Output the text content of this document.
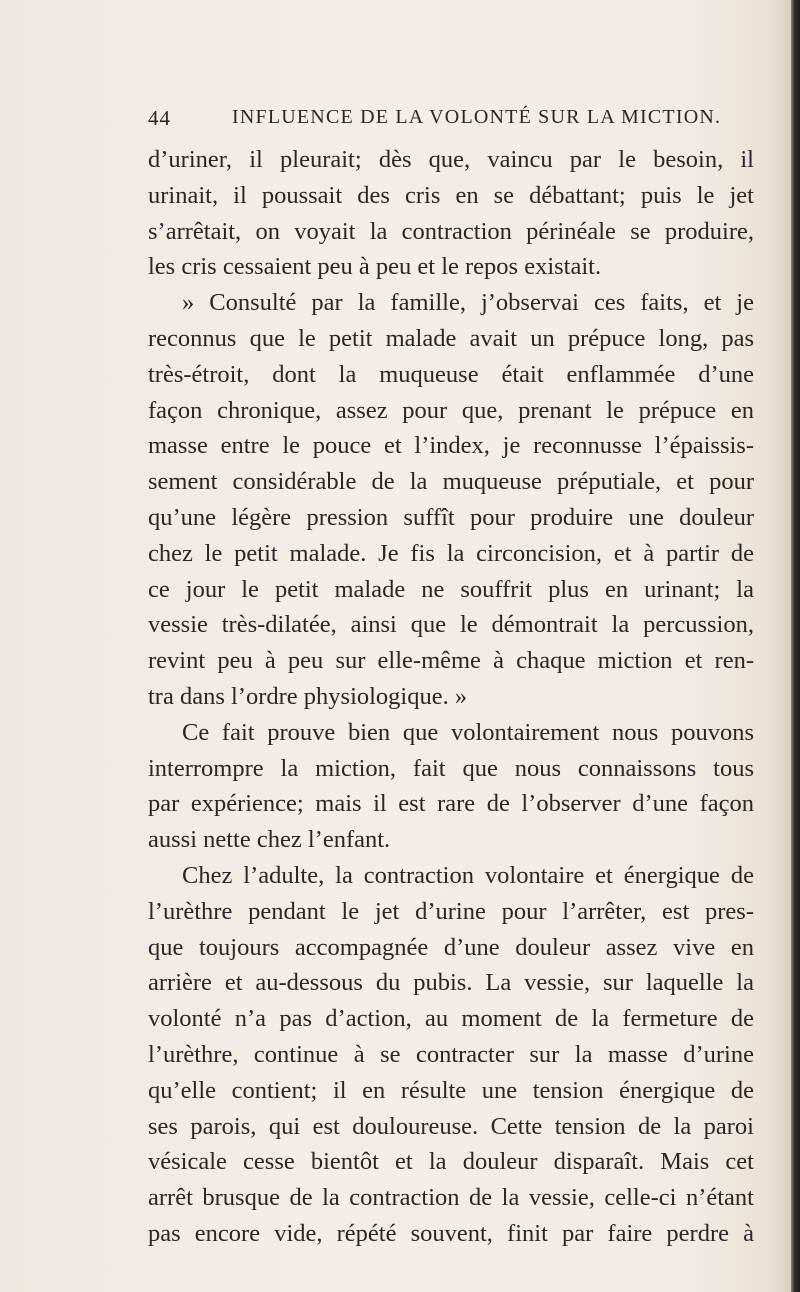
44	INFLUENCE DE LA VOLONTÉ SUR LA MICTION.
d’uriner, il pleurait; dès que, vaincu par le besoin, il
urinait, il poussait des cris en se débattant; puis le jet
s’arrêtait, on voyait la contraction périnéale se produire,
les cris cessaient peu à peu et le repos existait.
» Consulté par la famille, j’observai ces faits, et je
reconnus que le petit malade avait un prépuce long, pas
très-étroit, dont la muqueuse était enflammée d’une
façon chronique, assez pour que, prenant le prépuce en
masse entre le pouce et l’index, je reconnusse l’épaissis-
sement considérable de la muqueuse préputiale, et pour
qu’une légère pression suffît pour produire une douleur
chez le petit malade. Je fis la circoncision, et à partir de
ce jour le petit malade ne souffrit plus en urinant; la
vessie très-dilatée, ainsi que le démontrait la percussion,
revint peu à peu sur elle-même à chaque miction et ren-
tra dans l’ordre physiologique. »
Ce fait prouve bien que volontairement nous pouvons
interrompre la miction, fait que nous connaissons tous
par expérience; mais il est rare de l’observer d’une façon
aussi nette chez l’enfant.
Chez l’adulte, la contraction volontaire et énergique de
l’urèthre pendant le jet d’urine pour l’arrêter, est pres-
que toujours accompagnée d’une douleur assez vive en
arrière et au-dessous du pubis. La vessie, sur laquelle la
volonté n’a pas d’action, au moment de la fermeture de
l’urèthre, continue à se contracter sur la masse d’urine
qu’elle contient; il en résulte une tension énergique de
ses parois, qui est douloureuse. Cette tension de la paroi
vésicale cesse bientôt et la douleur disparaît. Mais cet
arrêt brusque de la contraction de la vessie, celle-ci n’étant
pas encore vide, répété souvent, finit par faire perdre à
